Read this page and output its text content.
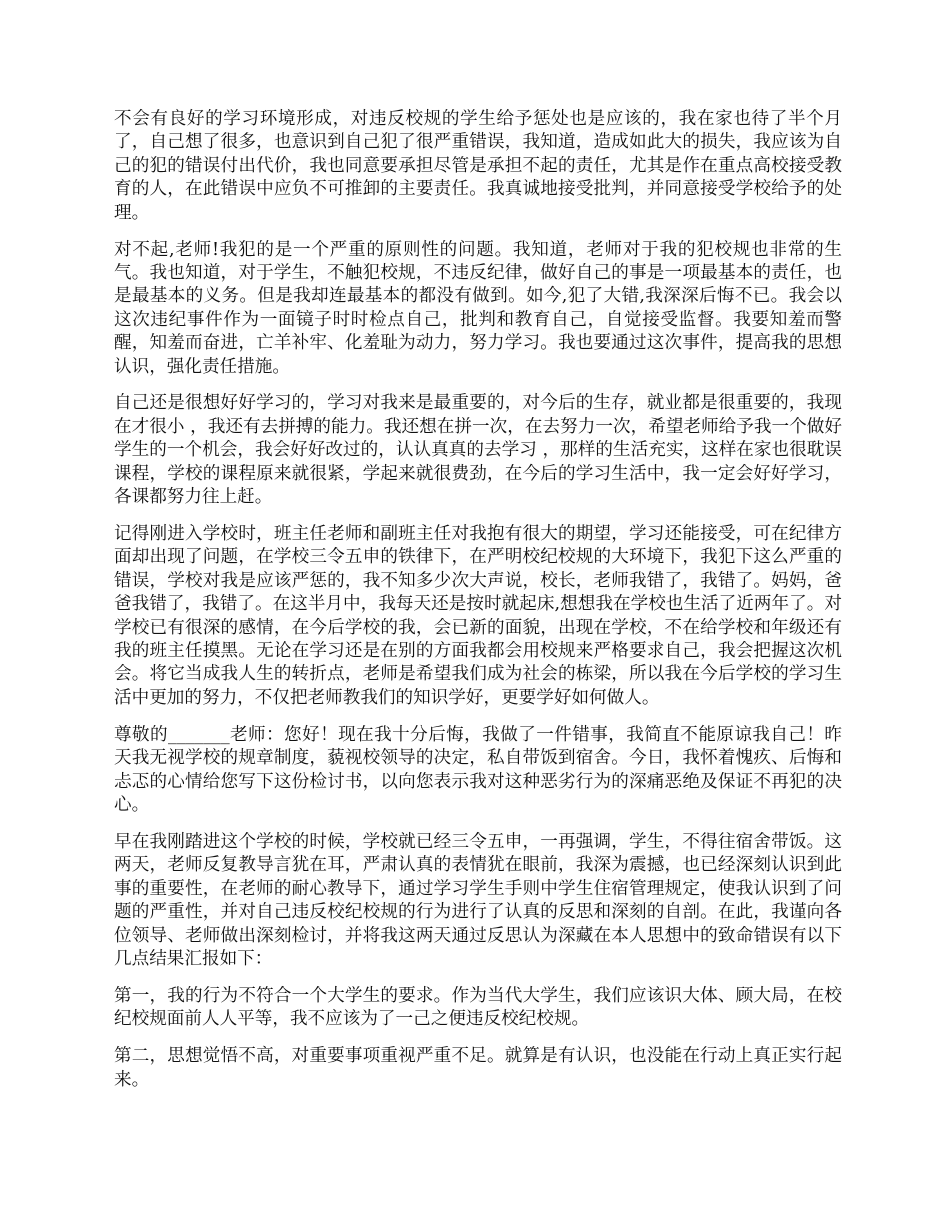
不会有良好的学习环境形成，对违反校规的学生给予惩处也是应该的，我在家也待了半个月了，自己想了很多，也意识到自己犯了很严重错误，我知道，造成如此大的损失，我应该为自己的犯的错误付出代价，我也同意要承担尽管是承担不起的责任，尤其是作在重点高校接受教育的人，在此错误中应负不可推卸的主要责任。我真诚地接受批判，并同意接受学校给予的处理。

对不起,老师!我犯的是一个严重的原则性的问题。我知道，老师对于我的犯校规也非常的生气。我也知道，对于学生，不触犯校规，不违反纪律，做好自己的事是一项最基本的责任，也是最基本的义务。但是我却连最基本的都没有做到。如今,犯了大错,我深深后悔不已。我会以这次违纪事件作为一面镜子时时检点自己，批判和教育自己，自觉接受监督。我要知羞而警醒，知羞而奋进，亡羊补牢、化羞耻为动力，努力学习。我也要通过这次事件，提高我的思想认识，强化责任措施。

自己还是很想好好学习的，学习对我来是最重要的，对今后的生存，就业都是很重要的，我现在才很小 ，我还有去拼搏的能力。我还想在拼一次，在去努力一次，希望老师给予我一个做好学生的一个机会，我会好好改过的，认认真真的去学习 ，那样的生活充实，这样在家也很耽误课程，学校的课程原来就很紧，学起来就很费劲，在今后的学习生活中，我一定会好好学习，各课都努力往上赶。

记得刚进入学校时，班主任老师和副班主任对我抱有很大的期望，学习还能接受，可在纪律方面却出现了问题，在学校三令五申的铁律下，在严明校纪校规的大环境下，我犯下这么严重的错误，学校对我是应该严惩的，我不知多少次大声说，校长，老师我错了，我错了。妈妈，爸爸我错了，我错了。在这半月中，我每天还是按时就起床,想想我在学校也生活了近两年了。对学校已有很深的感情，在今后学校的我，会已新的面貌，出现在学校，不在给学校和年级还有我的班主任摸黑。无论在学习还是在别的方面我都会用校规来严格要求自己，我会把握这次机会。将它当成我人生的转折点，老师是希望我们成为社会的栋梁，所以我在今后学校的学习生活中更加的努力，不仅把老师教我们的知识学好，更要学好如何做人。

尊敬的_______老师：您好！现在我十分后悔，我做了一件错事，我简直不能原谅我自己！昨天我无视学校的规章制度，藐视校领导的决定，私自带饭到宿舍。今日，我怀着愧疚、后悔和忐忑的心情给您写下这份检讨书，以向您表示我对这种恶劣行为的深痛恶绝及保证不再犯的决心。

早在我刚踏进这个学校的时候，学校就已经三令五申，一再强调，学生，不得往宿舍带饭。这两天，老师反复教导言犹在耳，严肃认真的表情犹在眼前，我深为震撼，也已经深刻认识到此事的重要性，在老师的耐心教导下，通过学习学生手则中学生住宿管理规定，使我认识到了问题的严重性，并对自己违反校纪校规的行为进行了认真的反思和深刻的自剖。在此，我谨向各位领导、老师做出深刻检讨，并将我这两天通过反思认为深藏在本人思想中的致命错误有以下几点结果汇报如下：

第一，我的行为不符合一个大学生的要求。作为当代大学生，我们应该识大体、顾大局，在校纪校规面前人人平等，我不应该为了一己之便违反校纪校规。

第二，思想觉悟不高，对重要事项重视严重不足。就算是有认识，也没能在行动上真正实行起来。
